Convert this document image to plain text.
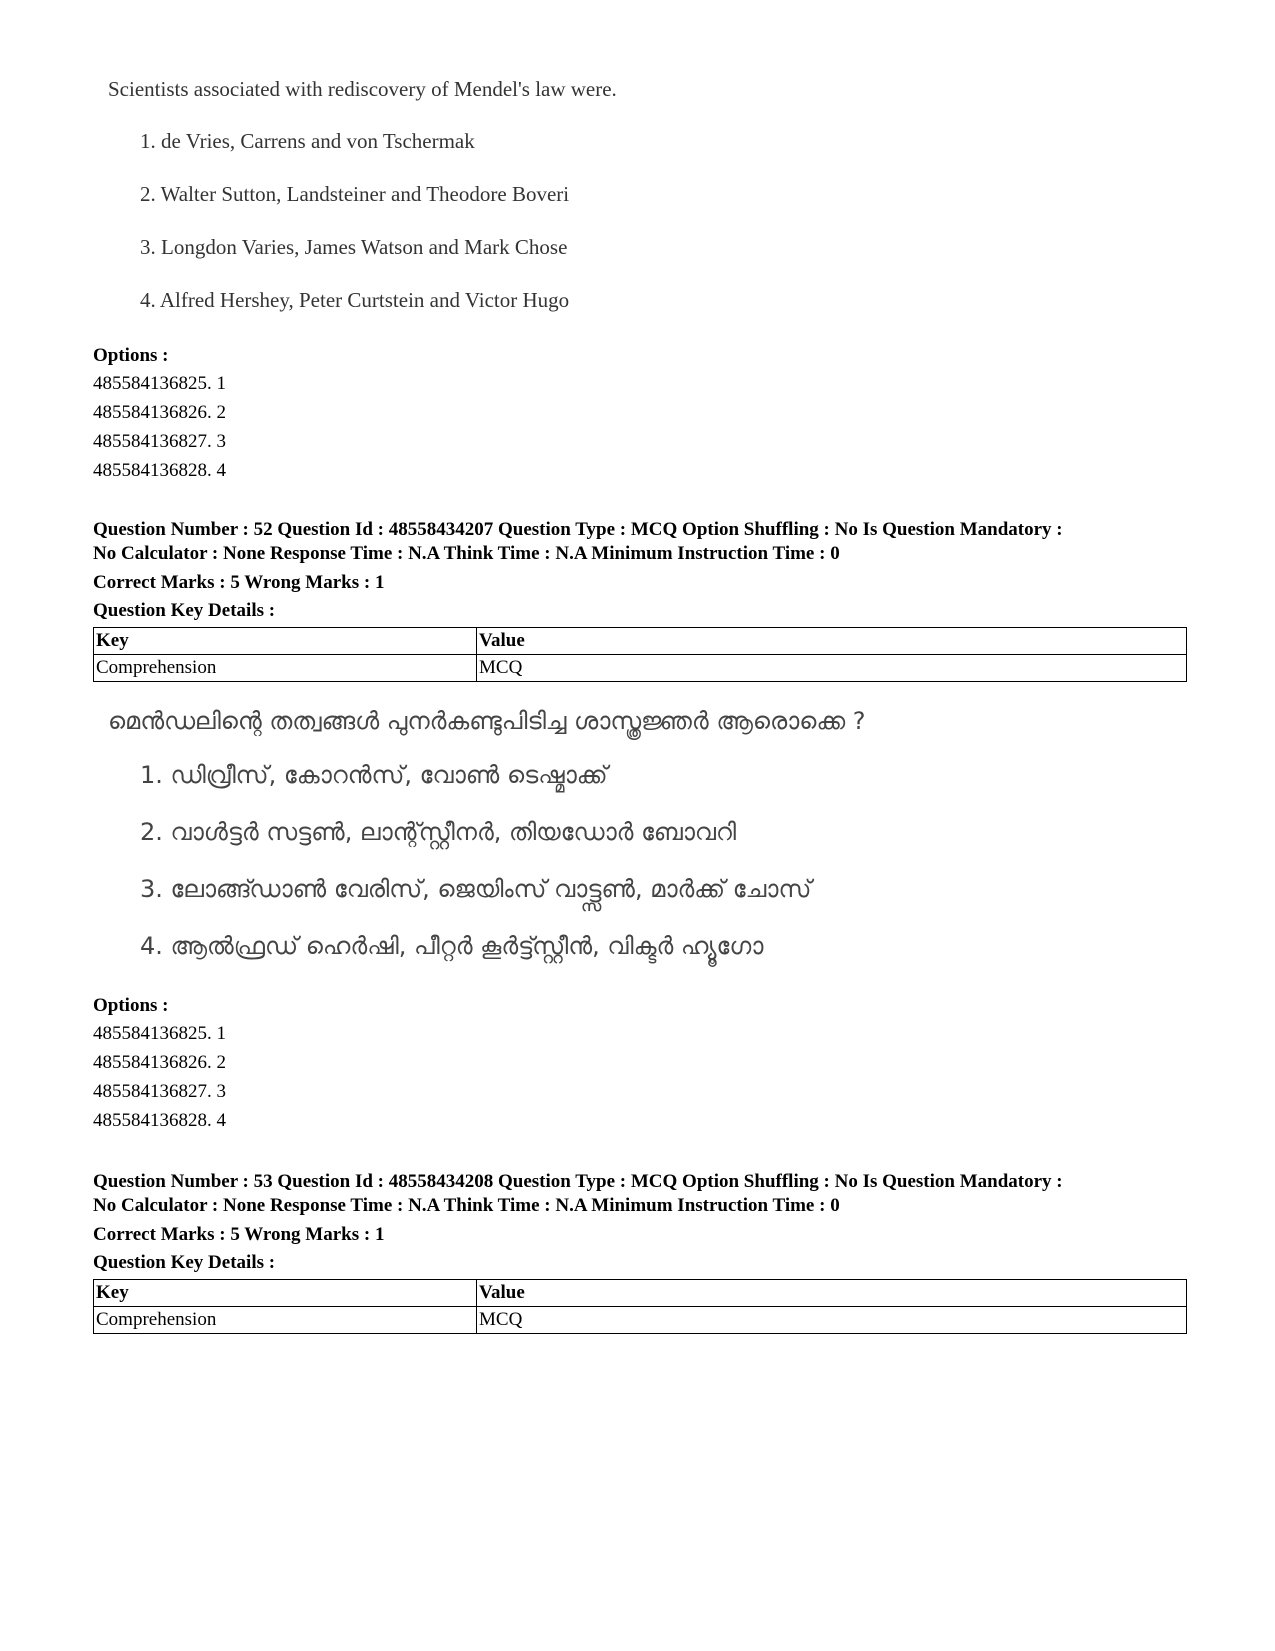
Scientists associated with rediscovery of Mendel's law were.
1. de Vries, Carrens and von Tschermak
2. Walter Sutton, Landsteiner and Theodore Boveri
3. Longdon Varies, James Watson and Mark Chose
4. Alfred Hershey, Peter Curtstein and Victor Hugo
Options :
485584136825. 1
485584136826. 2
485584136827. 3
485584136828. 4
Question Number : 52 Question Id : 48558434207 Question Type : MCQ Option Shuffling : No Is Question Mandatory :
No Calculator : None Response Time : N.A Think Time : N.A Minimum Instruction Time : 0
Correct Marks : 5 Wrong Marks : 1
Question Key Details :
Key	Value
Comprehension	MCQ
മെൻഡലിന്റെ തത്വങ്ങൾ പുനർകണ്ടുപിടിച്ച ശാസ്ത്രജ്ഞർ ആരൊക്കെ ?
1. ഡിവ്രീസ്, കോറൻസ്, വോൺ ടെഷ്മാക്ക്
2. വാൾട്ടർ സട്ടൺ, ലാന്റ്സ്റ്റീനർ, തിയഡോർ ബോവറി
3. ലോങ്ങ്ഡാൺ വേരിസ്, ജെയിംസ് വാട്ട്സൺ, മാർക്ക് ചോസ്
4. ആൽഫ്രഡ് ഹെർഷി, പീറ്റർ കൂർട്ട്സ്റ്റീൻ, വിക്ടർ ഹ്യൂഗോ
Options :
485584136825. 1
485584136826. 2
485584136827. 3
485584136828. 4
Question Number : 53 Question Id : 48558434208 Question Type : MCQ Option Shuffling : No Is Question Mandatory :
No Calculator : None Response Time : N.A Think Time : N.A Minimum Instruction Time : 0
Correct Marks : 5 Wrong Marks : 1
Question Key Details :
Key	Value
Comprehension	MCQ
